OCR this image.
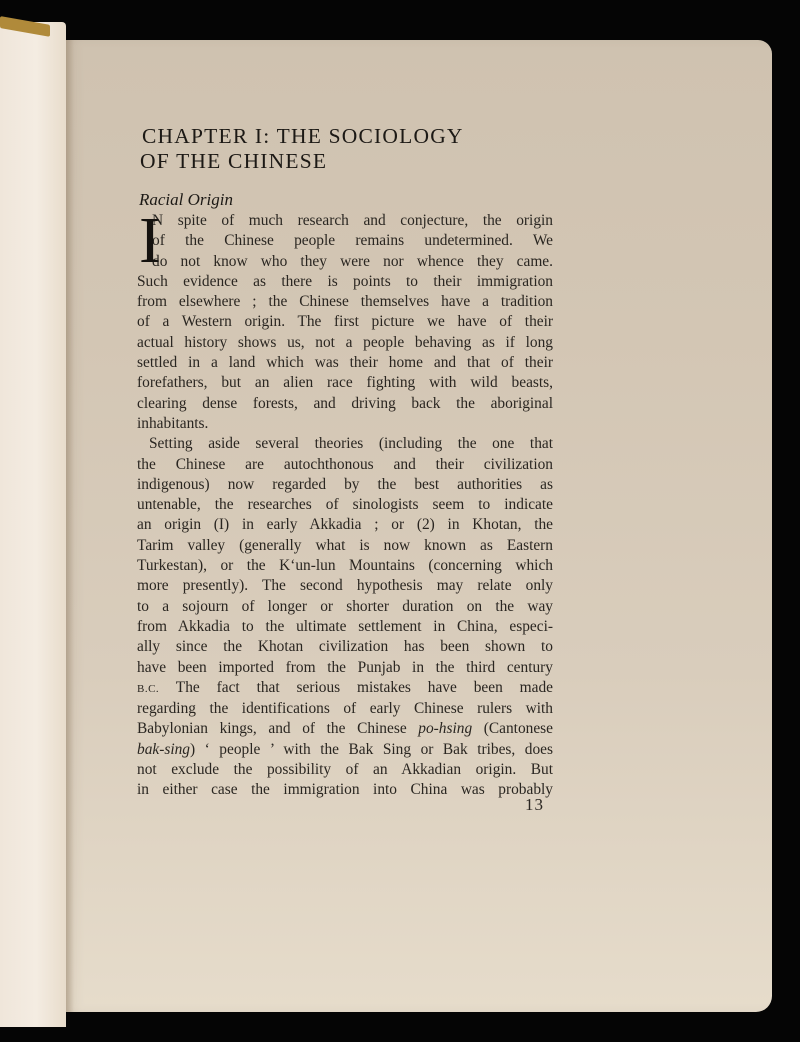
CHAPTER I: THE SOCIOLOGY
OF THE CHINESE
Racial Origin
I
N spite of much research and conjecture, the origin
of the Chinese people remains undetermined. We
do not know who they were nor whence they came.
Such evidence as there is points to their immigration
from elsewhere ; the Chinese themselves have a tradition
of a Western origin. The first picture we have of their
actual history shows us, not a people behaving as if long
settled in a land which was their home and that of their
forefathers, but an alien race fighting with wild beasts,
clearing dense forests, and driving back the aboriginal
inhabitants.
Setting aside several theories (including the one that
the Chinese are autochthonous and their civilization
indigenous) now regarded by the best authorities as
untenable, the researches of sinologists seem to indicate
an origin (I) in early Akkadia ; or (2) in Khotan, the
Tarim valley (generally what is now known as Eastern
Turkestan), or the Kʻun-lun Mountains (concerning which
more presently). The second hypothesis may relate only
to a sojourn of longer or shorter duration on the way
from Akkadia to the ultimate settlement in China, especi-
ally since the Khotan civilization has been shown to
have been imported from the Punjab in the third century
B.C. The fact that serious mistakes have been made
regarding the identifications of early Chinese rulers with
Babylonian kings, and of the Chinese po-hsing (Cantonese
bak-sing) ‘ people ’ with the Bak Sing or Bak tribes, does
not exclude the possibility of an Akkadian origin. But
in either case the immigration into China was probably
13
